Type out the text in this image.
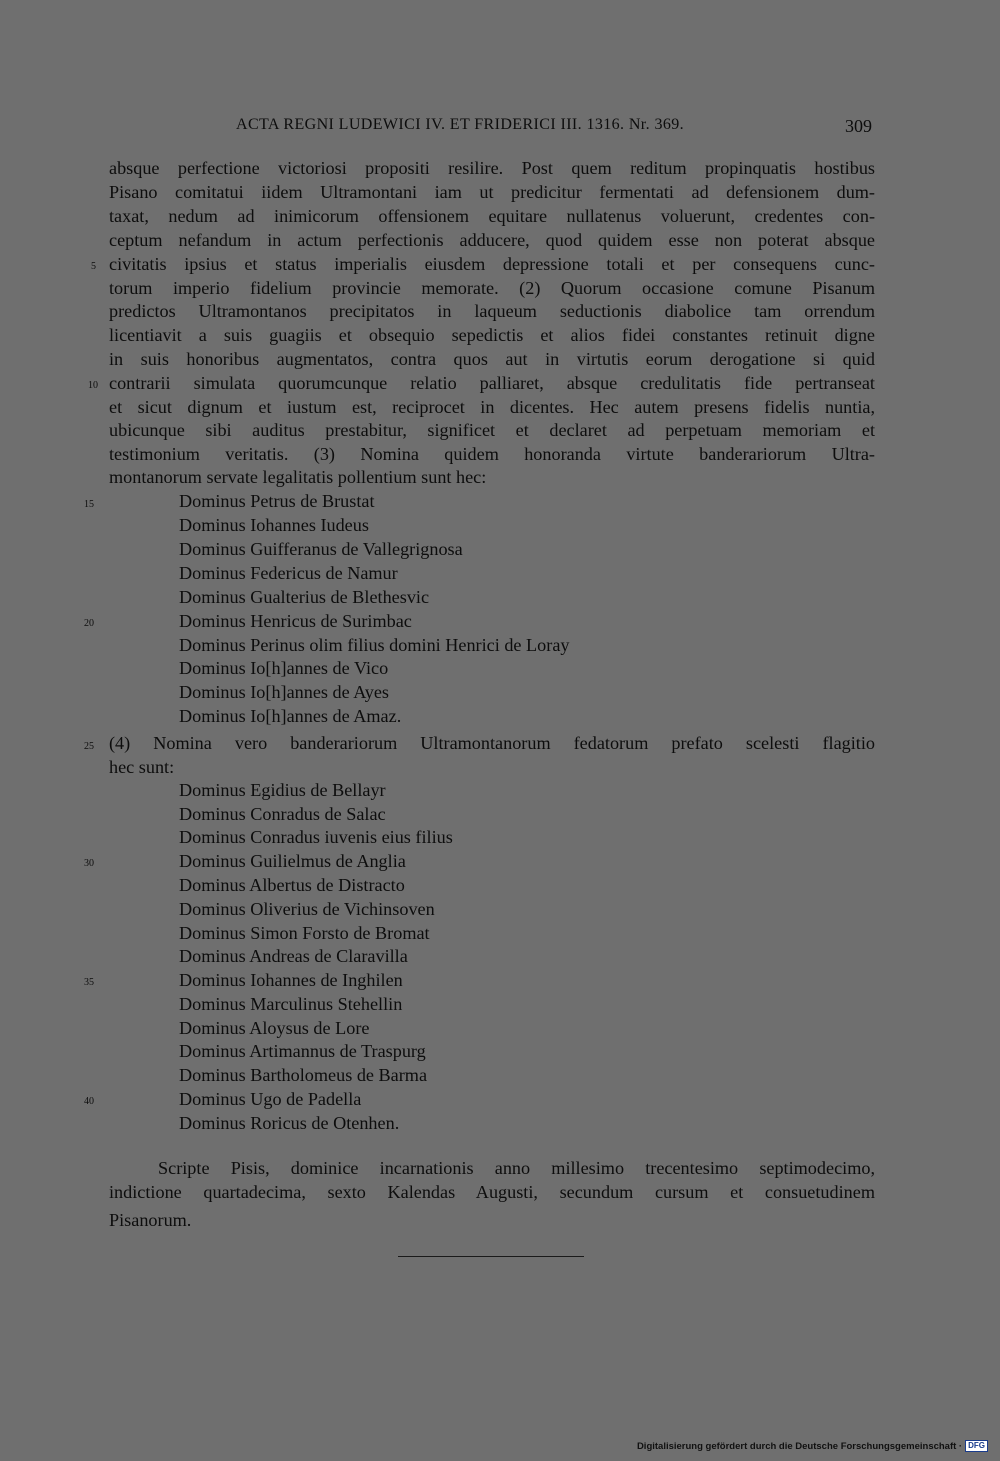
ACTA REGNI LUDEWICI IV. ET FRIDERICI III. 1316. Nr. 369.	309
absque perfectione victoriosi propositi resilire. Post quem reditum propinquatis hostibus
Pisano comitatui iidem Ultramontani iam ut predicitur fermentati ad defensionem dum-
taxat, nedum ad inimicorum offensionem equitare nullatenus voluerunt, credentes con-
ceptum nefandum in actum perfectionis adducere, quod quidem esse non poterat absque
civitatis ipsius et status imperialis eiusdem depressione totali et per consequens cunc-
torum imperio fidelium provincie memorate. (2) Quorum occasione comune Pisanum
predictos Ultramontanos precipitatos in laqueum seductionis diabolice tam orrendum
licentiavit a suis guagiis et obsequio sepedictis et alios fidei constantes retinuit digne
in suis honoribus augmentatos, contra quos aut in virtutis eorum derogatione si quid
contrarii simulata quorumcunque relatio palliaret, absque credulitatis fide pertranseat
et sicut dignum et iustum est, reciprocet in dicentes. Hec autem presens fidelis nuntia,
ubicunque sibi auditus prestabitur, significet et declaret ad perpetuam memoriam et
testimonium veritatis. (3) Nomina quidem honoranda virtute banderariorum Ultra-
montanorum servate legalitatis pollentium sunt hec:
Dominus Petrus de Brustat
Dominus Iohannes Iudeus
Dominus Guifferanus de Vallegrignosa
Dominus Federicus de Namur
Dominus Gualterius de Blethesvic
Dominus Henricus de Surimbac
Dominus Perinus olim filius domini Henrici de Loray
Dominus Io[h]annes de Vico
Dominus Io[h]annes de Ayes
Dominus Io[h]annes de Amaz.
(4) Nomina vero banderariorum Ultramontanorum fedatorum prefato scelesti flagitio
hec sunt:
Dominus Egidius de Bellayr
Dominus Conradus de Salac
Dominus Conradus iuvenis eius filius
Dominus Guilielmus de Anglia
Dominus Albertus de Distracto
Dominus Oliverius de Vichinsoven
Dominus Simon Forsto de Bromat
Dominus Andreas de Claravilla
Dominus Iohannes de Inghilen
Dominus Marculinus Stehellin
Dominus Aloysus de Lore
Dominus Artimannus de Traspurg
Dominus Bartholomeus de Barma
Dominus Ugo de Padella
Dominus Roricus de Otenhen.
Scripte Pisis, dominice incarnationis anno millesimo trecentesimo septimodecimo,
indictione quartadecima, sexto Kalendas Augusti, secundum cursum et consuetudinem
Pisanorum.
5
10
15
20
25
30
35
40
Digitalisierung gefördert durch die Deutsche Forschungsgemeinschaft · DFG
